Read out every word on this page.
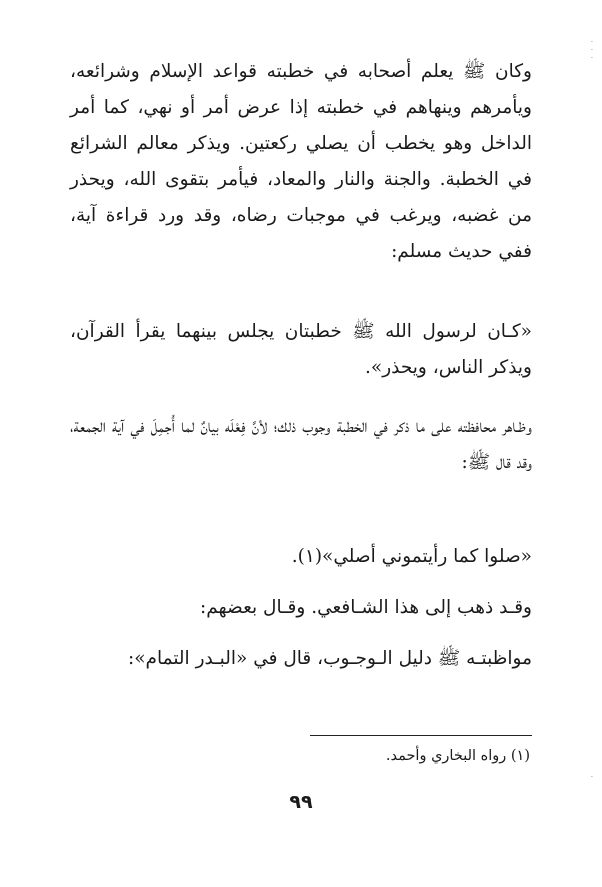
وكان ﷺ يعلم أصحابه في خطبته قواعد الإسلام وشرائعه، ويأمرهم وينهاهم في خطبته إذا عرض أمر أو نهي، كما أمر الداخل وهو يخطب أن يصلي ركعتين. ويذكر معالم الشرائع في الخطبة. والجنة والنار والمعاد، فيأمر بتقوى الله، ويحذر من غضبه، ويرغب في موجبات رضاه، وقد ورد قراءة آية، ففي حديث مسلم:

«كـان لرسول الله ﷺ خطبتان يجلس بينهما يقرأ القرآن، ويذكر الناس، ويحذر».

وظـاهر محافظته على ما ذكر في الخطبة وجوب ذلك؛ لأنَّ فِعْلَه بيانٌ لما أُجمِلَ في آية الجمعة، وقد قال ﷺ:

«صلوا كما رأيتموني أصلي»(١).

وقـد ذهب إلى هذا الشـافعي. وقـال بعضهم:

مواظبتـه ﷺ دليل الـوجـوب، قال في «البـدر التمام»:

(١) رواه البخاري وأحمد.
٩٩
·
·
·
·
